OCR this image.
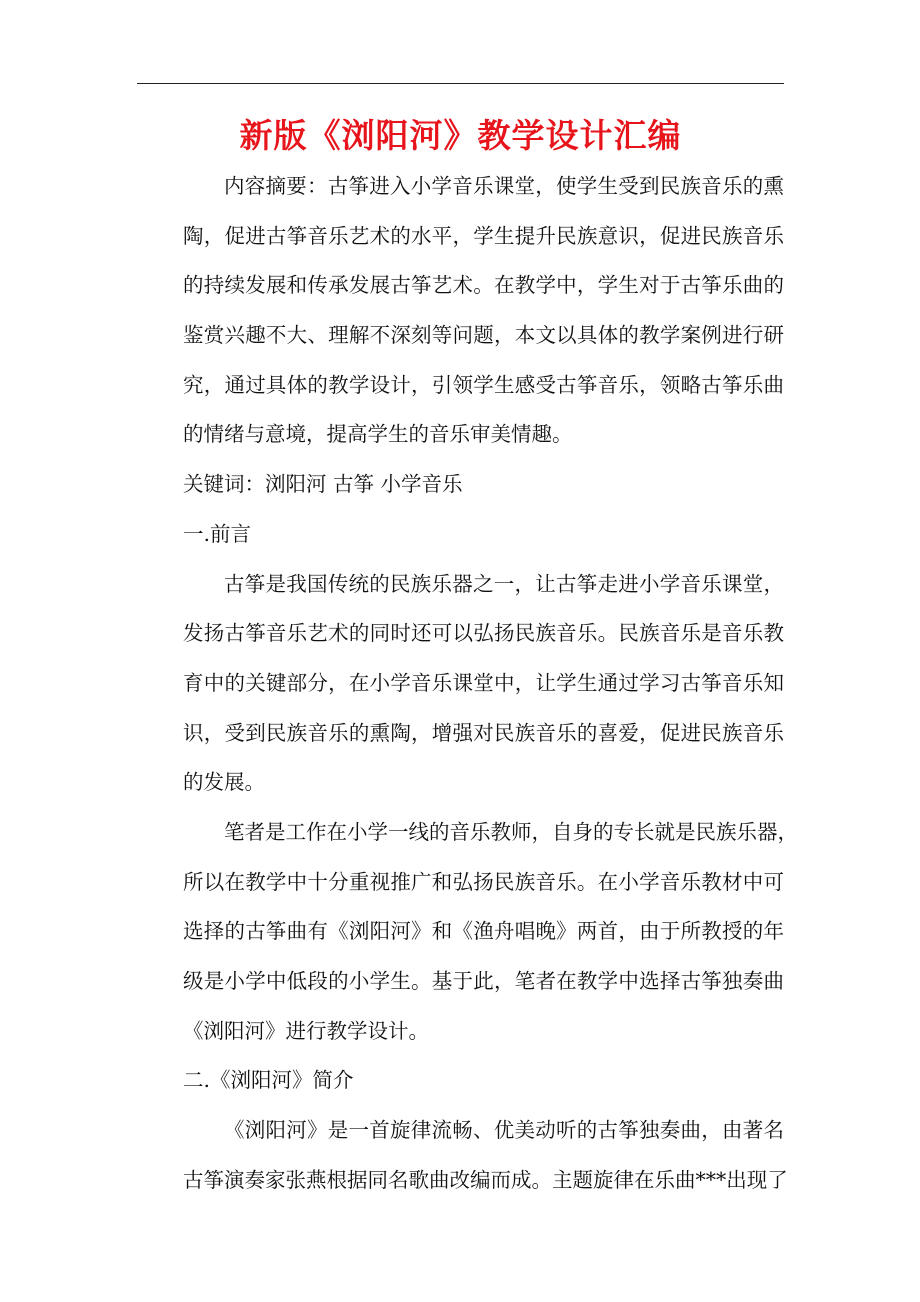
新版《浏阳河》教学设计汇编
内容摘要：古筝进入小学音乐课堂，使学生受到民族音乐的熏
陶，促进古筝音乐艺术的水平，学生提升民族意识，促进民族音乐
的持续发展和传承发展古筝艺术。在教学中，学生对于古筝乐曲的
鉴赏兴趣不大、理解不深刻等问题，本文以具体的教学案例进行研
究，通过具体的教学设计，引领学生感受古筝音乐，领略古筝乐曲
的情绪与意境，提高学生的音乐审美情趣。
关键词：浏阳河 古筝 小学音乐
一.前言
古筝是我国传统的民族乐器之一，让古筝走进小学音乐课堂，
发扬古筝音乐艺术的同时还可以弘扬民族音乐。民族音乐是音乐教
育中的关键部分，在小学音乐课堂中，让学生通过学习古筝音乐知
识，受到民族音乐的熏陶，增强对民族音乐的喜爱，促进民族音乐
的发展。
笔者是工作在小学一线的音乐教师，自身的专长就是民族乐器，
所以在教学中十分重视推广和弘扬民族音乐。在小学音乐教材中可
选择的古筝曲有《浏阳河》和《渔舟唱晚》两首，由于所教授的年
级是小学中低段的小学生。基于此，笔者在教学中选择古筝独奏曲
《浏阳河》进行教学设计。
二.《浏阳河》简介
《浏阳河》是一首旋律流畅、优美动听的古筝独奏曲，由著名
古筝演奏家张燕根据同名歌曲改编而成。主题旋律在乐曲***出现了
